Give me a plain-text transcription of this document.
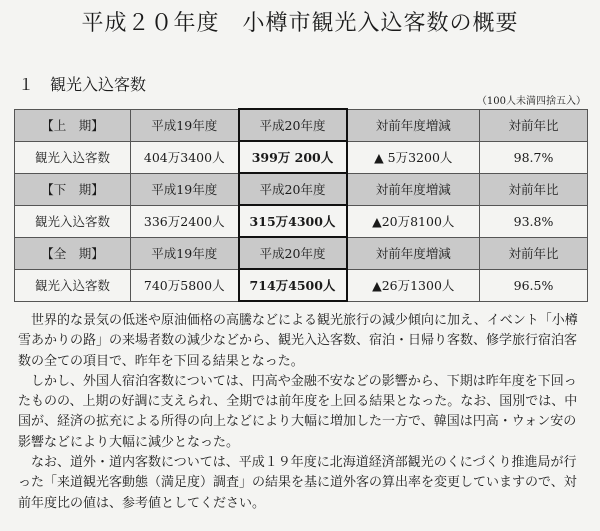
平成２０年度　小樽市観光入込客数の概要
１　観光入込客数
（100人未満四捨五入）
【上　期】	平成19年度	平成20年度	対前年度増減	対前年比
観光入込客数	404万3400人	399万 200人	▲ 5万3200人	98.7%
【下　期】	平成19年度	平成20年度	対前年度増減	対前年比
観光入込客数	336万2400人	315万4300人	▲20万8100人	93.8%
【全　期】	平成19年度	平成20年度	対前年度増減	対前年比
観光入込客数	740万5800人	714万4500人	▲26万1300人	96.5%

世界的な景気の低迷や原油価格の高騰などによる観光旅行の減少傾向に加え、イベント「小樽雪あかりの路」の来場者数の減少などから、観光入込客数、宿泊・日帰り客数、修学旅行宿泊客数の全ての項目で、昨年を下回る結果となった。

しかし、外国人宿泊客数については、円高や金融不安などの影響から、下期は昨年度を下回ったものの、上期の好調に支えられ、全期では前年度を上回る結果となった。なお、国別では、中国が、経済の拡充による所得の向上などにより大幅に増加した一方で、韓国は円高・ウォン安の影響などにより大幅に減少となった。

なお、道外・道内客数については、平成１９年度に北海道経済部観光のくにづくり推進局が行った「来道観光客動態（満足度）調査」の結果を基に道外客の算出率を変更していますので、対前年度比の値は、参考値としてください。
